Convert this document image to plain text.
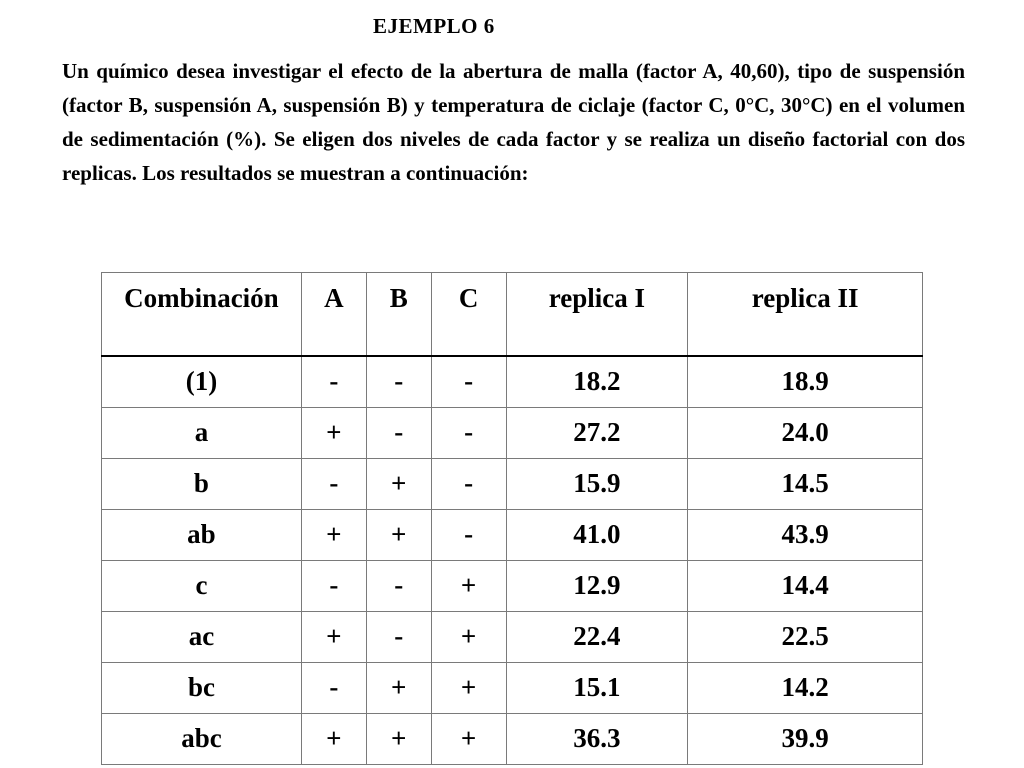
EJEMPLO 6

Un químico desea investigar el efecto de la abertura de malla (factor A, 40,60), tipo de suspensión (factor B, suspensión A, suspensión B) y temperatura de ciclaje (factor C, 0°C, 30°C) en el volumen de sedimentación (%). Se eligen dos niveles de cada factor y se realiza un diseño factorial con dos replicas. Los resultados se muestran a continuación:

Combinación	A	B	C	replica I	replica II
(1)	-	-	-	18.2	18.9
a	+	-	-	27.2	24.0
b	-	+	-	15.9	14.5
ab	+	+	-	41.0	43.9
c	-	-	+	12.9	14.4
ac	+	-	+	22.4	22.5
bc	-	+	+	15.1	14.2
abc	+	+	+	36.3	39.9
